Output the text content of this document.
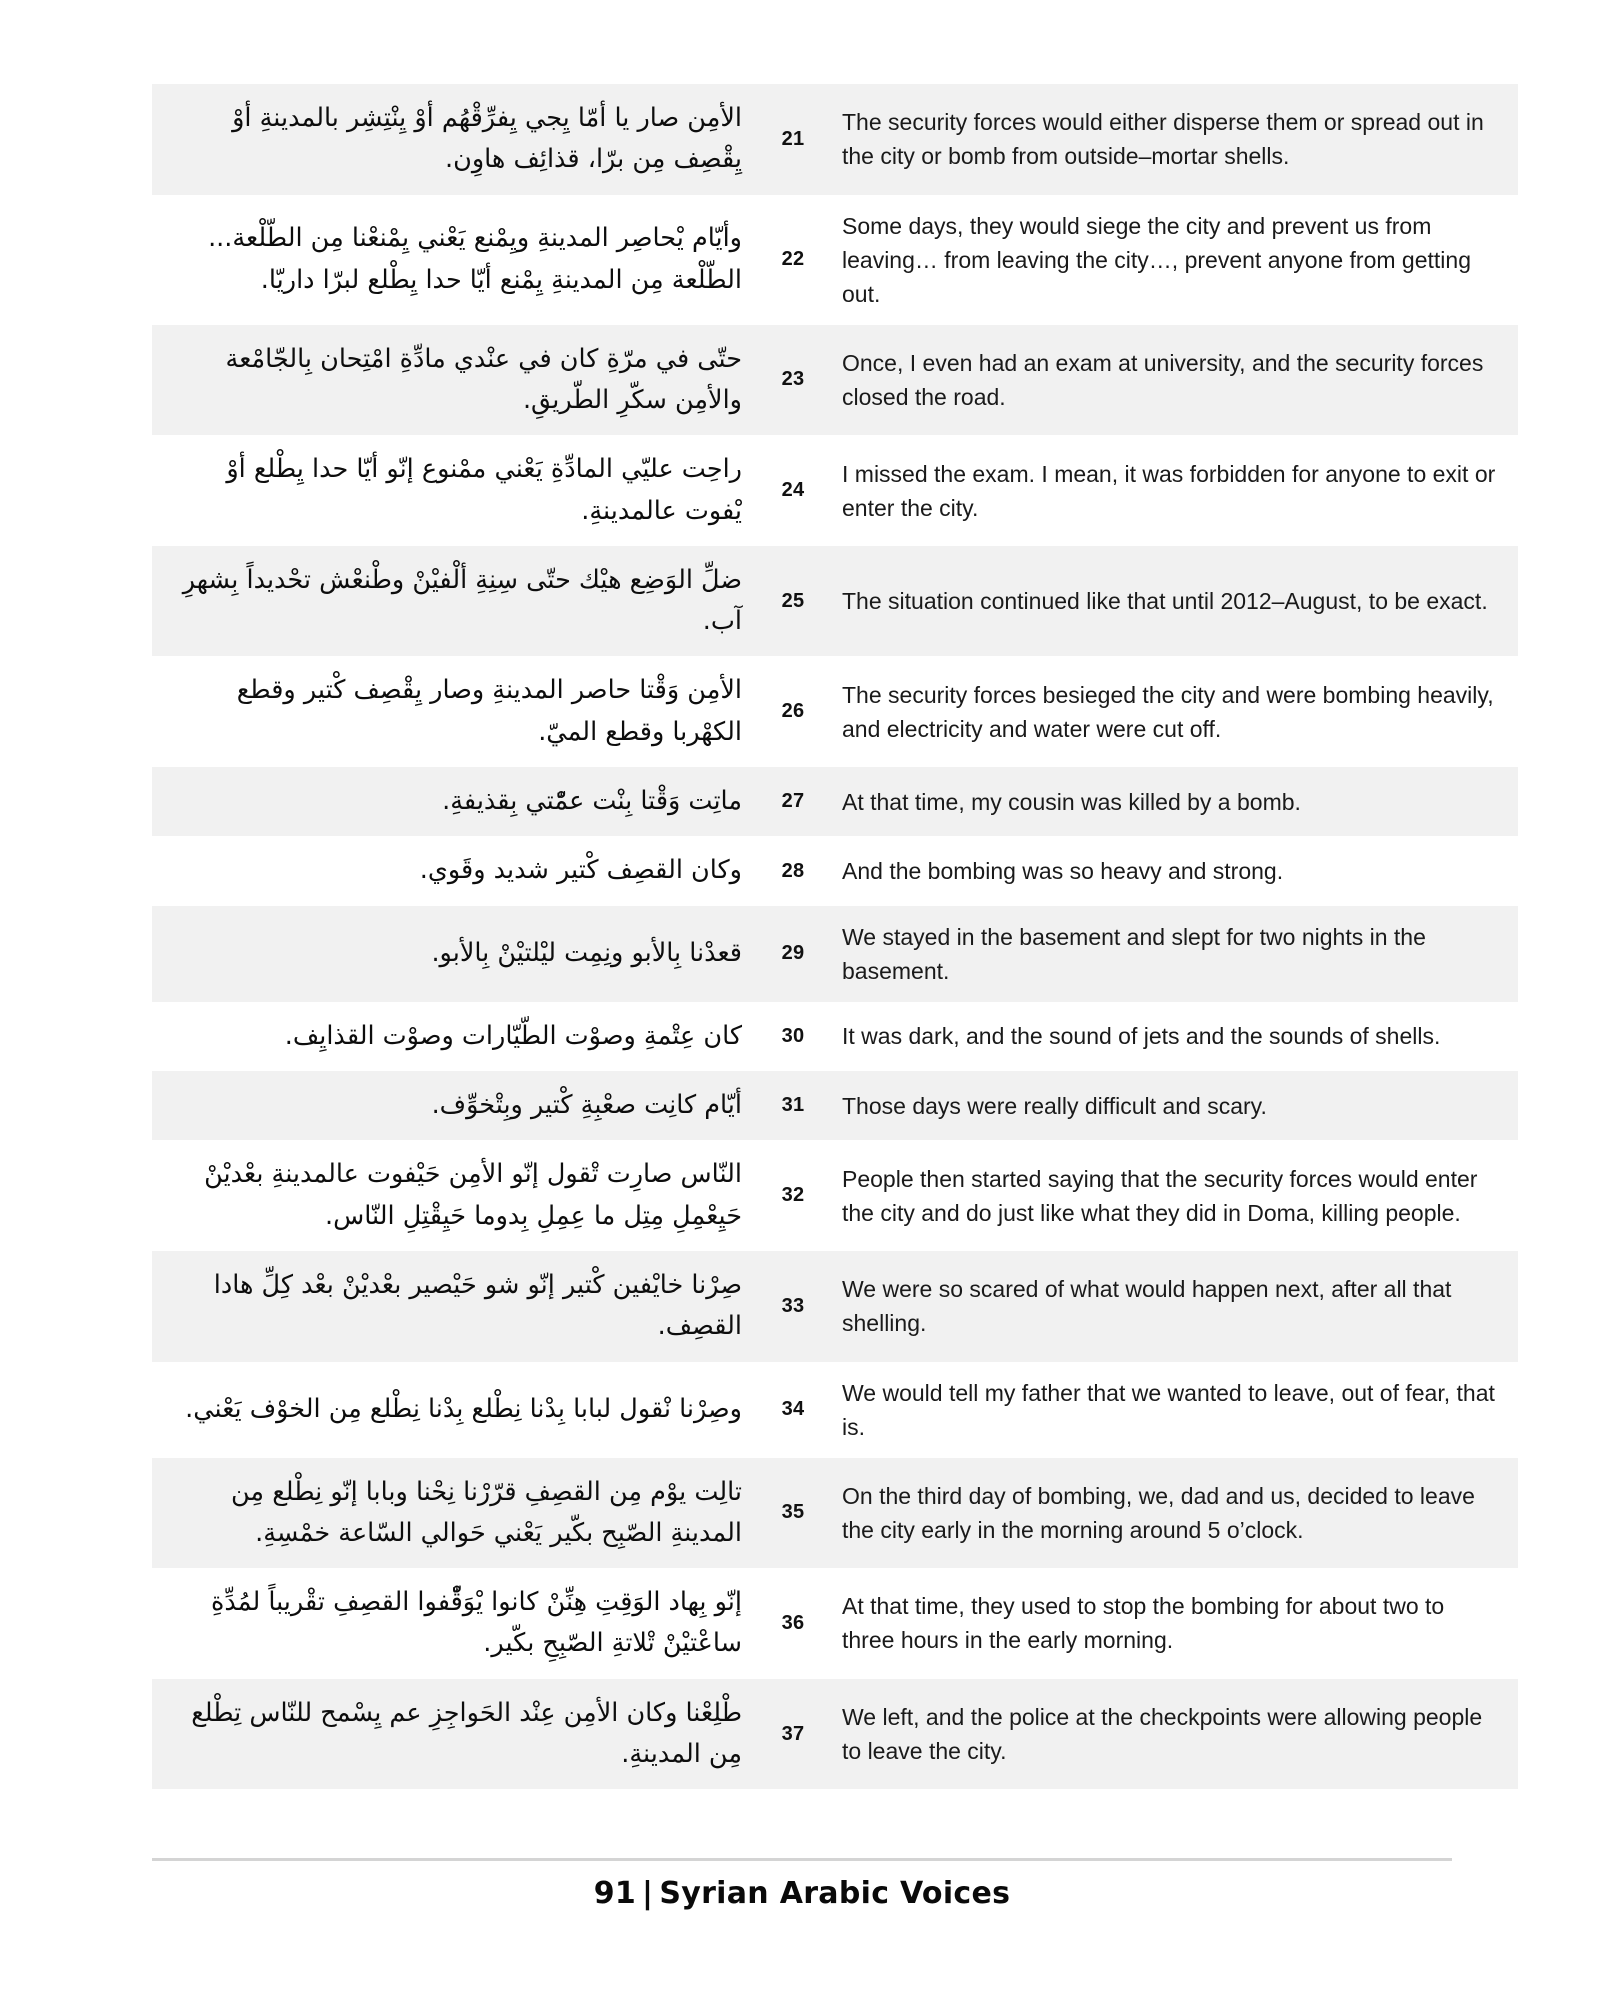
الأمِن صار يا أمّا يِجي يِفرِّقْهُم أوْ يِنْتِشِر بالمدينةِ أوْ يِقْصِف مِن برّا، قذائِف هاوِن.	21	The security forces would either disperse them or spread out in the city or bomb from outside–mortar shells.
وأيّام يْحاصِر المدينةِ ويِمْنع يَعْني يِمْنعْنا مِن الطّلْعة... الطّلْعة مِن المدينةِ يِمْنع أيّا حدا يِطْلع لبرّا داريّا.	22	Some days, they would siege the city and prevent us from leaving… from leaving the city…, prevent anyone from getting out.
حتّى في مرّةِ كان في عنْدي مادِّةِ امْتِحان بِالجّامْعة والأمِن سكّرِ الطّريقِ.	23	Once, I even had an exam at university, and the security forces closed the road.
راحِت عليّي المادِّةِ يَعْني ممْنوع إنّو أيّا حدا يِطْلع أوْ يْفوت عالمدينةِ.	24	I missed the exam. I mean, it was forbidden for anyone to exit or enter the city.
ضلِّ الوَضِع هيْك حتّى سِنِةِ ألْفيْنْ وطْنعْش تحْديداً بِشهرِ آب.	25	The situation continued like that until 2012–August, to be exact.
الأمِن وَقْتا حاصر المدينةِ وصار يِقْصِف كْتير وقطع الكهْربا وقطع الميّ.	26	The security forces besieged the city and were bombing heavily, and electricity and water were cut off.
ماتِت وَقْتا بِنْت عمّْتي بِقذيفةِ.	27	At that time, my cousin was killed by a bomb.
وكان القصِف كْتير شديد وقَوي.	28	And the bombing was so heavy and strong.
قعدْنا بِالأبو ونِمِت ليْلتيْنْ بِالأبو.	29	We stayed in the basement and slept for two nights in the basement.
كان عِتْمةِ وصوْت الطّيّارات وصوْت القذايِف.	30	It was dark, and the sound of jets and the sounds of shells.
أيّام كانِت صعْبِةِ كْتير وبِتْخوِّف.	31	Those days were really difficult and scary.
النّاس صارِت تْقول إنّو الأمِن حَيْفوت عالمدينةِ بعْديْنْ حَيِعْمِلِ مِتِل ما عِمِلِ بِدوما حَيِقْتِلِ النّاس.	32	People then started saying that the security forces would enter the city and do just like what they did in Doma, killing people.
صِرْنا خايْفين كْتير إنّو شو حَيْصير بعْديْنْ بعْد كِلِّ هادا القصِف.	33	We were so scared of what would happen next, after all that shelling.
وصِرْنا نْقول لبابا بِدْنا نِطْلع بِدْنا نِطْلع مِن الخوْف يَعْني.	34	We would tell my father that we wanted to leave, out of fear, that is.
تالِت يوْم مِن القصِفِ قرّرْنا نِحْنا وبابا إنّو نِطْلع مِن المدينةِ الصّبِح بكّير يَعْني حَوالي السّاعة خمْسِةِ.	35	On the third day of bombing, we, dad and us, decided to leave the city early in the morning around 5 o’clock.
إنّو بِهاد الوَقِتِ هِنِّنْ كانوا يْوَقّْفوا القصِفِ تقْريباً لمُدِّةِ ساعْتيْنْ تْلاتةِ الصّبِحِ بكّير.	36	At that time, they used to stop the bombing for about two to three hours in the early morning.
طْلِعْنا وكان الأمِن عِنْد الحَواجِزِ عم يِسْمح للنّاس تِطْلع مِن المدينةِ.	37	We left, and the police at the checkpoints were allowing people to leave the city.
91 | Syrian Arabic Voices
